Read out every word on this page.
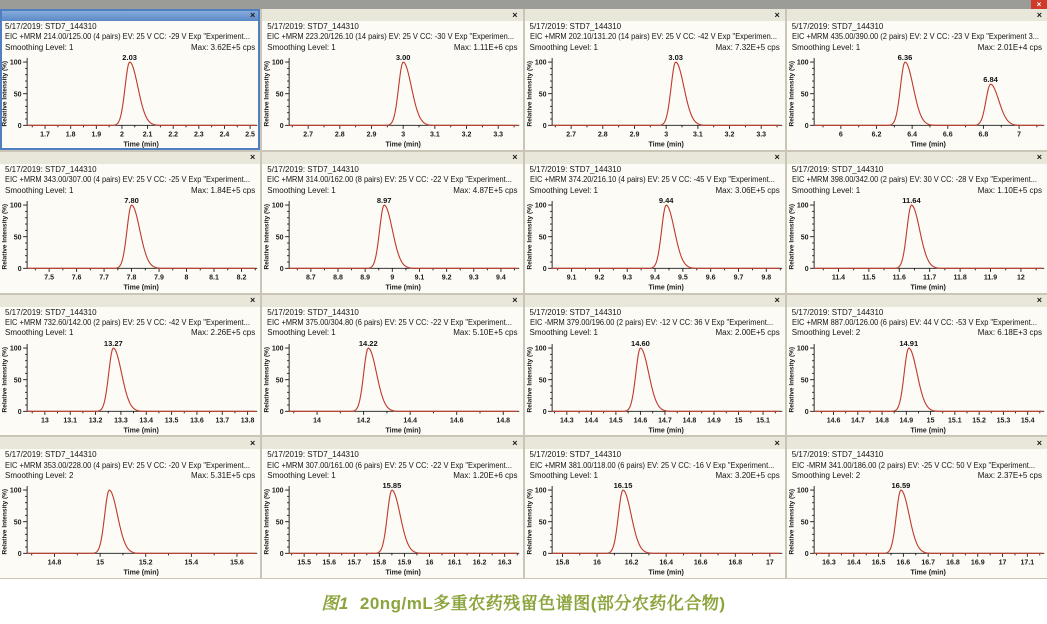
×
×
5/17/2019: STD7_144310
EIC +MRM 214.00/125.00 (4 pairs) EV: 25 V CC: -29 V Exp "Experiment...
Smoothing Level: 1	Max: 3.62E+5 cps
0
50
100
1.7 1.8 1.9	2	2.1 2.2 2.3 2.4 2.5
Time (min)
Relative Intensity (%)
2.03
×
5/17/2019: STD7_144310
EIC +MRM 223.20/126.10 (14 pairs) EV: 25 V CC: -30 V Exp "Experimen...
Smoothing Level: 1	Max: 1.11E+6 cps
0
50
100
2.7	2.8	2.9	3	3.1	3.2	3.3
Time (min)
Relative Intensity (%)
3.00
×
5/17/2019: STD7_144310
EIC +MRM 202.10/131.20 (14 pairs) EV: 25 V CC: -42 V Exp "Experimen...
Smoothing Level: 1	Max: 7.32E+5 cps
0
50
100
2.7	2.8	2.9	3	3.1	3.2	3.3
Time (min)
Relative Intensity (%)
3.03
×
5/17/2019: STD7_144310
EIC +MRM 435.00/390.00 (2 pairs) EV: 2 V CC: -23 V Exp "Experiment 3...
Smoothing Level: 1	Max: 2.01E+4 cps
0
50
100
6	6.2	6.4	6.6	6.8	7
Time (min)
Relative Intensity (%)
6.36
6.84
×
5/17/2019: STD7_144310
EIC +MRM 343.00/307.00 (4 pairs) EV: 25 V CC: -25 V Exp "Experiment...
Smoothing Level: 1	Max: 1.84E+5 cps
0
50
100
7.5	7.6	7.7	7.8	7.9	8	8.1	8.2
Time (min)
Relative Intensity (%)
7.80
×
5/17/2019: STD7_144310
EIC +MRM 314.00/162.00 (8 pairs) EV: 25 V CC: -22 V Exp "Experiment...
Smoothing Level: 1	Max: 4.87E+5 cps
0
50
100
8.7 8.8 8.9	9	9.1 9.2 9.3 9.4
Time (min)
Relative Intensity (%)
8.97
×
5/17/2019: STD7_144310
EIC +MRM 374.20/216.10 (4 pairs) EV: 25 V CC: -45 V Exp "Experiment...
Smoothing Level: 1	Max: 3.06E+5 cps
0
50
100
9.1	9.2	9.3	9.4	9.5	9.6	9.7	9.8
Time (min)
Relative Intensity (%)
9.44
×
5/17/2019: STD7_144310
EIC +MRM 398.00/342.00 (2 pairs) EV: 30 V CC: -28 V Exp "Experiment...
Smoothing Level: 1	Max: 1.10E+5 cps
0
50
100
11.4 11.5 11.6 11.7 11.8 11.9	12
Time (min)
Relative Intensity (%)
11.64
×
5/17/2019: STD7_144310
EIC +MRM 732.60/142.00 (2 pairs) EV: 25 V CC: -42 V Exp "Experiment...
Smoothing Level: 1	Max: 2.26E+5 cps
0
50
100
13 13.1 13.2 13.3 13.4 13.5 13.6 13.7 13.8
Time (min)
Relative Intensity (%)
13.27
×
5/17/2019: STD7_144310
EIC +MRM 375.00/304.80 (6 pairs) EV: 25 V CC: -22 V Exp "Experiment...
Smoothing Level: 1	Max: 5.10E+5 cps
0
50
100
14	14.2	14.4	14.6	14.8
Time (min)
Relative Intensity (%)
14.22
×
5/17/2019: STD7_144310
EIC -MRM 379.00/196.00 (2 pairs) EV: -12 V CC: 36 V Exp "Experiment...
Smoothing Level: 1	Max: 2.00E+5 cps
0
50
100
14.3 14.4 14.5 14.6 14.7 14.8 14.9 15 15.1
Time (min)
Relative Intensity (%)
14.60
×
5/17/2019: STD7_144310
EIC +MRM 887.00/126.00 (6 pairs) EV: 44 V CC: -53 V Exp "Experiment...
Smoothing Level: 2	Max: 6.18E+3 cps
0
50
100
14.6 14.7 14.8 14.9 15 15.1 15.2 15.3 15.4
Time (min)
Relative Intensity (%)
14.91
×
5/17/2019: STD7_144310
EIC +MRM 353.00/228.00 (4 pairs) EV: 25 V CC: -20 V Exp "Experiment...
Smoothing Level: 2	Max: 5.31E+5 cps
0
50
100
14.8	15	15.2	15.4	15.6
Time (min)
Relative Intensity (%)
×
5/17/2019: STD7_144310
EIC +MRM 307.00/161.00 (6 pairs) EV: 25 V CC: -22 V Exp "Experiment...
Smoothing Level: 1	Max: 1.20E+6 cps
0
50
100
15.5 15.6 15.7 15.8 15.9 16 16.1 16.2 16.3
Time (min)
Relative Intensity (%)
15.85
×
5/17/2019: STD7_144310
EIC +MRM 381.00/118.00 (6 pairs) EV: 25 V CC: -16 V Exp "Experiment...
Smoothing Level: 1	Max: 3.20E+5 cps
0
50
100
15.8	16	16.2	16.4	16.6	16.8	17
Time (min)
Relative Intensity (%)
16.15
×
5/17/2019: STD7_144310
EIC -MRM 341.00/186.00 (2 pairs) EV: -25 V CC: 50 V Exp "Experiment...
Smoothing Level: 2	Max: 2.37E+5 cps
0
50
100
16.3 16.4 16.5 16.6 16.7 16.8 16.9 17 17.1
Time (min)
Relative Intensity (%)
16.59
图1 20ng/mL多重农药残留色谱图(部分农药化合物)
